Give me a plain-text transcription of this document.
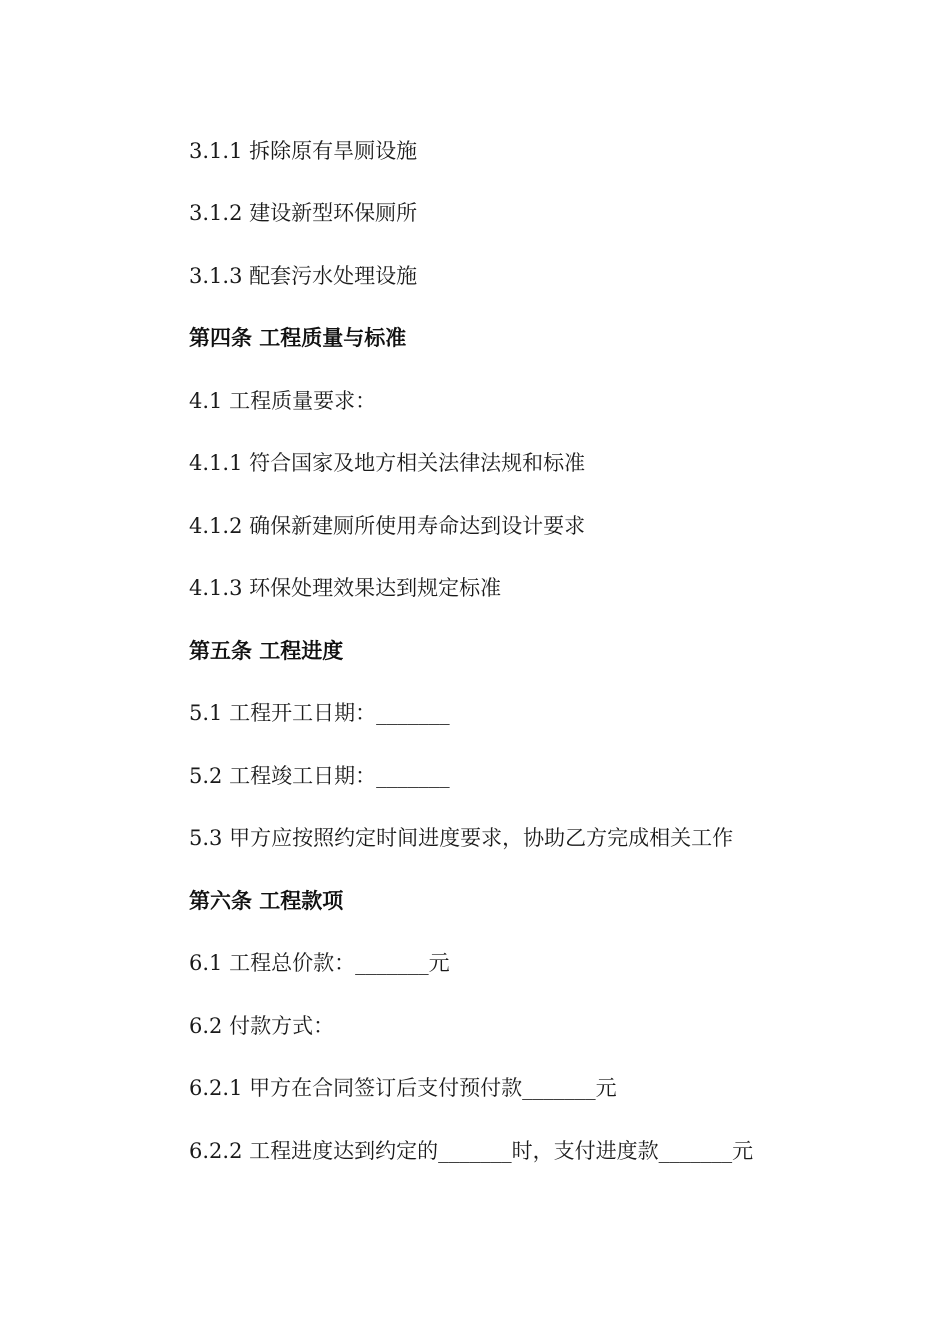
3.1.1 拆除原有旱厕设施
3.1.2 建设新型环保厕所
3.1.3 配套污水处理设施
第四条 工程质量与标准
4.1 工程质量要求：
4.1.1 符合国家及地方相关法律法规和标准
4.1.2 确保新建厕所使用寿命达到设计要求
4.1.3 环保处理效果达到规定标准
第五条 工程进度
5.1 工程开工日期：_______
5.2 工程竣工日期：_______
5.3 甲方应按照约定时间进度要求，协助乙方完成相关工作
第六条 工程款项
6.1 工程总价款：_______元
6.2 付款方式：
6.2.1 甲方在合同签订后支付预付款_______元
6.2.2 工程进度达到约定的_______时，支付进度款_______元
